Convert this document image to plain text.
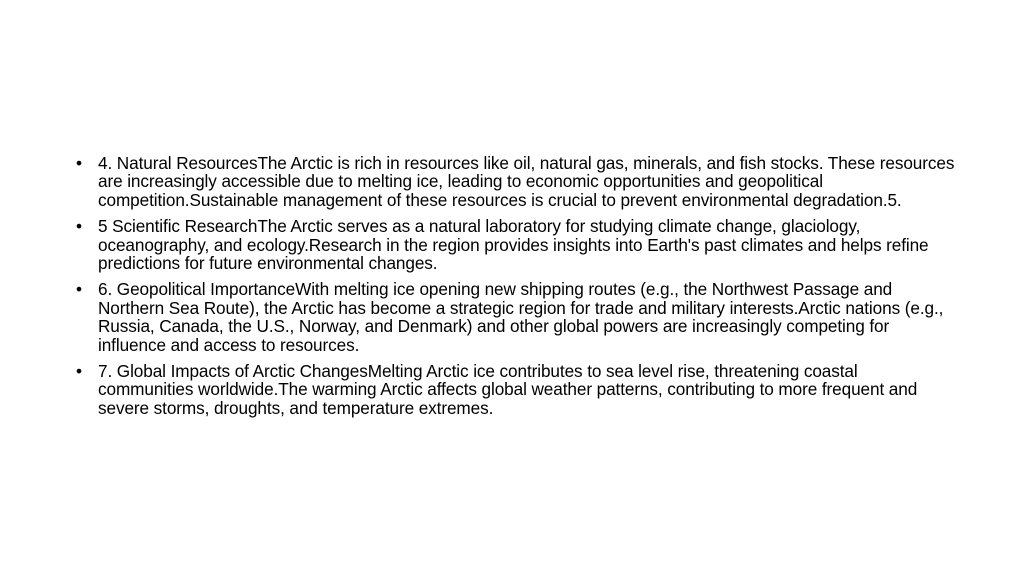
• 4. Natural ResourcesThe Arctic is rich in resources like oil, natural gas, minerals, and fish stocks. These resources are increasingly accessible due to melting ice, leading to economic opportunities and geopolitical competition.Sustainable management of these resources is crucial to prevent environmental degradation.5.
• 5 Scientific ResearchThe Arctic serves as a natural laboratory for studying climate change, glaciology, oceanography, and ecology.Research in the region provides insights into Earth's past climates and helps refine predictions for future environmental changes.
• 6. Geopolitical ImportanceWith melting ice opening new shipping routes (e.g., the Northwest Passage and Northern Sea Route), the Arctic has become a strategic region for trade and military interests.Arctic nations (e.g., Russia, Canada, the U.S., Norway, and Denmark) and other global powers are increasingly competing for influence and access to resources.
• 7. Global Impacts of Arctic ChangesMelting Arctic ice contributes to sea level rise, threatening coastal communities worldwide.The warming Arctic affects global weather patterns, contributing to more frequent and severe storms, droughts, and temperature extremes.
